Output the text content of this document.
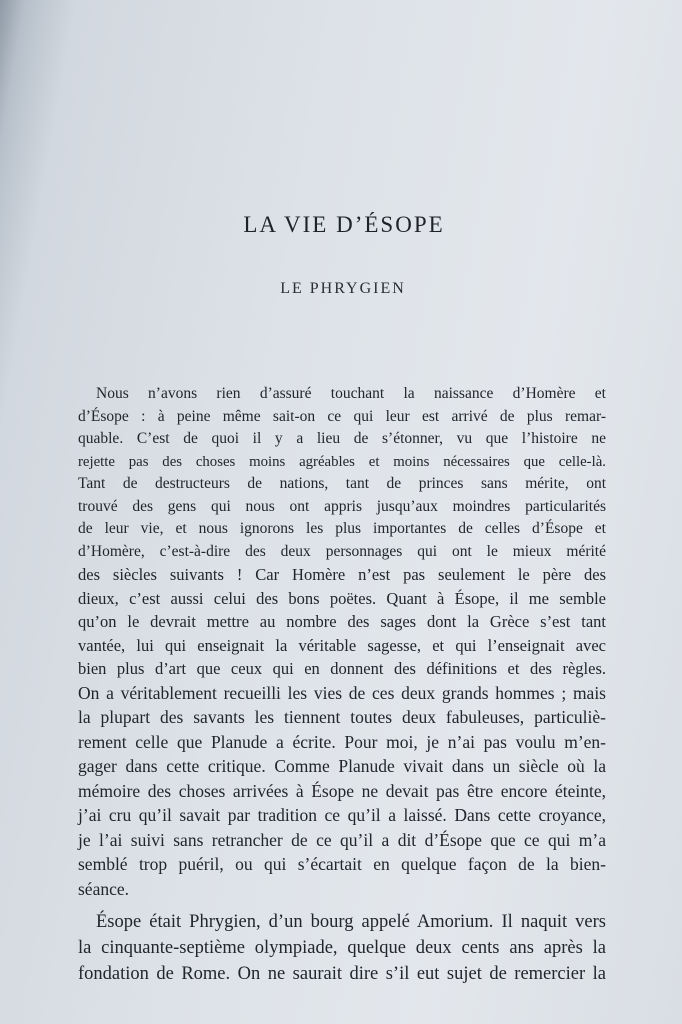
LA VIE D’ÉSOPE
LE PHRYGIEN
Nous n’avons rien d’assuré touchant la naissance d’Homère et
d’Ésope : à peine même sait-on ce qui leur est arrivé de plus remar-
quable. C’est de quoi il y a lieu de s’étonner, vu que l’histoire ne
rejette pas des choses moins agréables et moins nécessaires que celle-là.
Tant de destructeurs de nations, tant de princes sans mérite, ont
trouvé des gens qui nous ont appris jusqu’aux moindres particularités
de leur vie, et nous ignorons les plus importantes de celles d’Ésope et
d’Homère, c’est-à-dire des deux personnages qui ont le mieux mérité
des siècles suivants ! Car Homère n’est pas seulement le père des
dieux, c’est aussi celui des bons poëtes. Quant à Ésope, il me semble
qu’on le devrait mettre au nombre des sages dont la Grèce s’est tant
vantée, lui qui enseignait la véritable sagesse, et qui l’enseignait avec
bien plus d’art que ceux qui en donnent des définitions et des règles.
On a véritablement recueilli les vies de ces deux grands hommes ; mais
la plupart des savants les tiennent toutes deux fabuleuses, particuliè-
rement celle que Planude a écrite. Pour moi, je n’ai pas voulu m’en-
gager dans cette critique. Comme Planude vivait dans un siècle où la
mémoire des choses arrivées à Ésope ne devait pas être encore éteinte,
j’ai cru qu’il savait par tradition ce qu’il a laissé. Dans cette croyance,
je l’ai suivi sans retrancher de ce qu’il a dit d’Ésope que ce qui m’a
semblé trop puéril, ou qui s’écartait en quelque façon de la bien-
séance.
Ésope était Phrygien, d’un bourg appelé Amorium. Il naquit vers
la cinquante-septième olympiade, quelque deux cents ans après la
fondation de Rome. On ne saurait dire s’il eut sujet de remercier la
